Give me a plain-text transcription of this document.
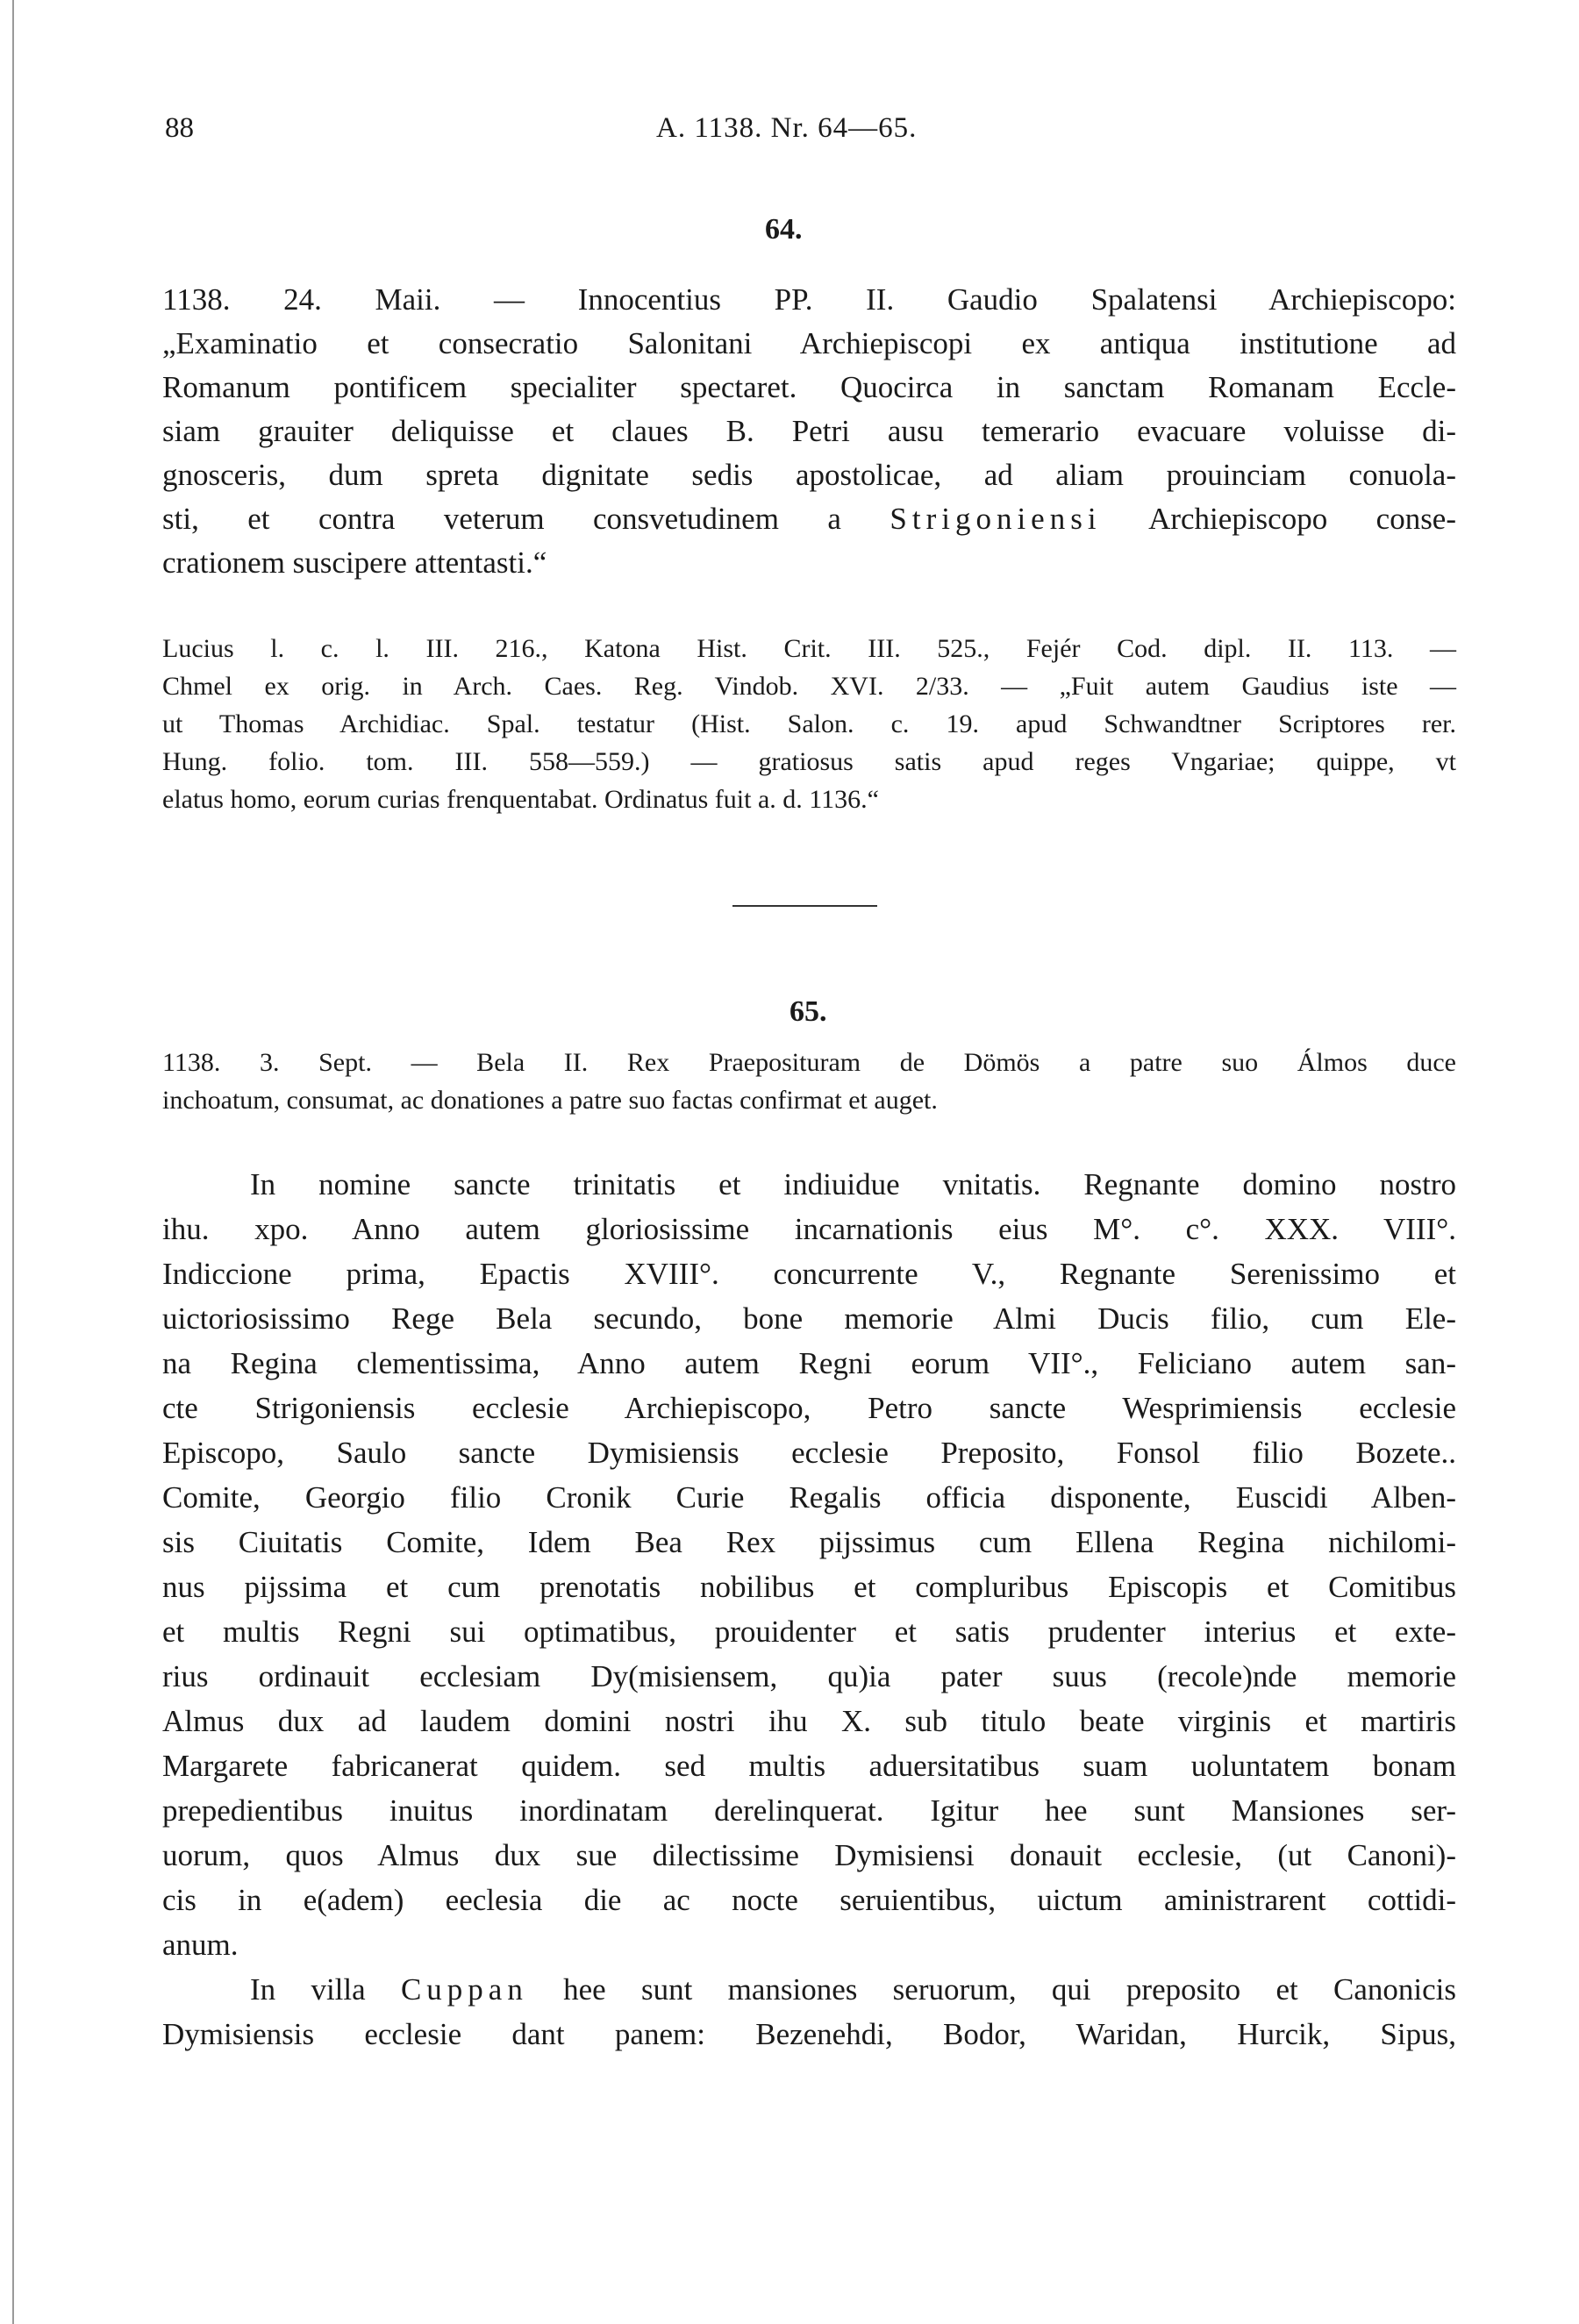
88	A. 1138. Nr. 64—65.
64.
1138. 24. Maii. — Innocentius PP. II. Gaudio Spalatensi Archiepiscopo:
„Examinatio et consecratio Salonitani Archiepiscopi ex antiqua institutione ad
Romanum pontificem specialiter spectaret. Quocirca in sanctam Romanam Eccle-
siam grauiter deliquisse et claues B. Petri ausu temerario evacuare voluisse di-
gnosceris, dum spreta dignitate sedis apostolicae, ad aliam prouinciam conuola-
sti, et contra veterum consvetudinem a Strigoniensi Archiepiscopo conse-
crationem suscipere attentasti.“
Lucius l. c. l. III. 216., Katona Hist. Crit. III. 525., Fejér Cod. dipl. II. 113. —
Chmel ex orig. in Arch. Caes. Reg. Vindob. XVI. 2/33. — „Fuit autem Gaudius iste —
ut Thomas Archidiac. Spal. testatur (Hist. Salon. c. 19. apud Schwandtner Scriptores rer.
Hung. folio. tom. III. 558—559.) — gratiosus satis apud reges Vngariae; quippe, vt
elatus homo, eorum curias frenquentabat. Ordinatus fuit a. d. 1136.“
65.
1138. 3. Sept. — Bela II. Rex Praeposituram de Dömös a patre suo Álmos duce
inchoatum, consumat, ac donationes a patre suo factas confirmat et auget.
In nomine sancte trinitatis et indiuidue vnitatis. Regnante domino nostro
ihu. xpo. Anno autem gloriosissime incarnationis eius M°. c°. XXX. VIII°.
Indiccione prima, Epactis XVIII°. concurrente V., Regnante Serenissimo et
uictoriosissimo Rege Bela secundo, bone memorie Almi Ducis filio, cum Ele-
na Regina clementissima, Anno autem Regni eorum VII°., Feliciano autem san-
cte Strigoniensis ecclesie Archiepiscopo, Petro sancte Wesprimiensis ecclesie
Episcopo, Saulo sancte Dymisiensis ecclesie Preposito, Fonsol filio Bozete..
Comite, Georgio filio Cronik Curie Regalis officia disponente, Euscidi Alben-
sis Ciuitatis Comite, Idem Bea Rex pijssimus cum Ellena Regina nichilomi-
nus pijssima et cum prenotatis nobilibus et compluribus Episcopis et Comitibus
et multis Regni sui optimatibus, prouidenter et satis prudenter interius et exte-
rius ordinauit ecclesiam Dy(misiensem, qu)ia pater suus (recole)nde memorie
Almus dux ad laudem domini nostri ihu X. sub titulo beate virginis et martiris
Margarete fabricanerat quidem. sed multis aduersitatibus suam uoluntatem bonam
prepedientibus inuitus inordinatam derelinquerat. Igitur hee sunt Mansiones ser-
uorum, quos Almus dux sue dilectissime Dymisiensi donauit ecclesie, (ut Canoni)-
cis in e(adem) eeclesia die ac nocte seruientibus, uictum aministrarent cottidi-
anum.
In villa Cuppan hee sunt mansiones seruorum, qui preposito et Canonicis
Dymisiensis ecclesie dant panem: Bezenehdi, Bodor, Waridan, Hurcik, Sipus,
